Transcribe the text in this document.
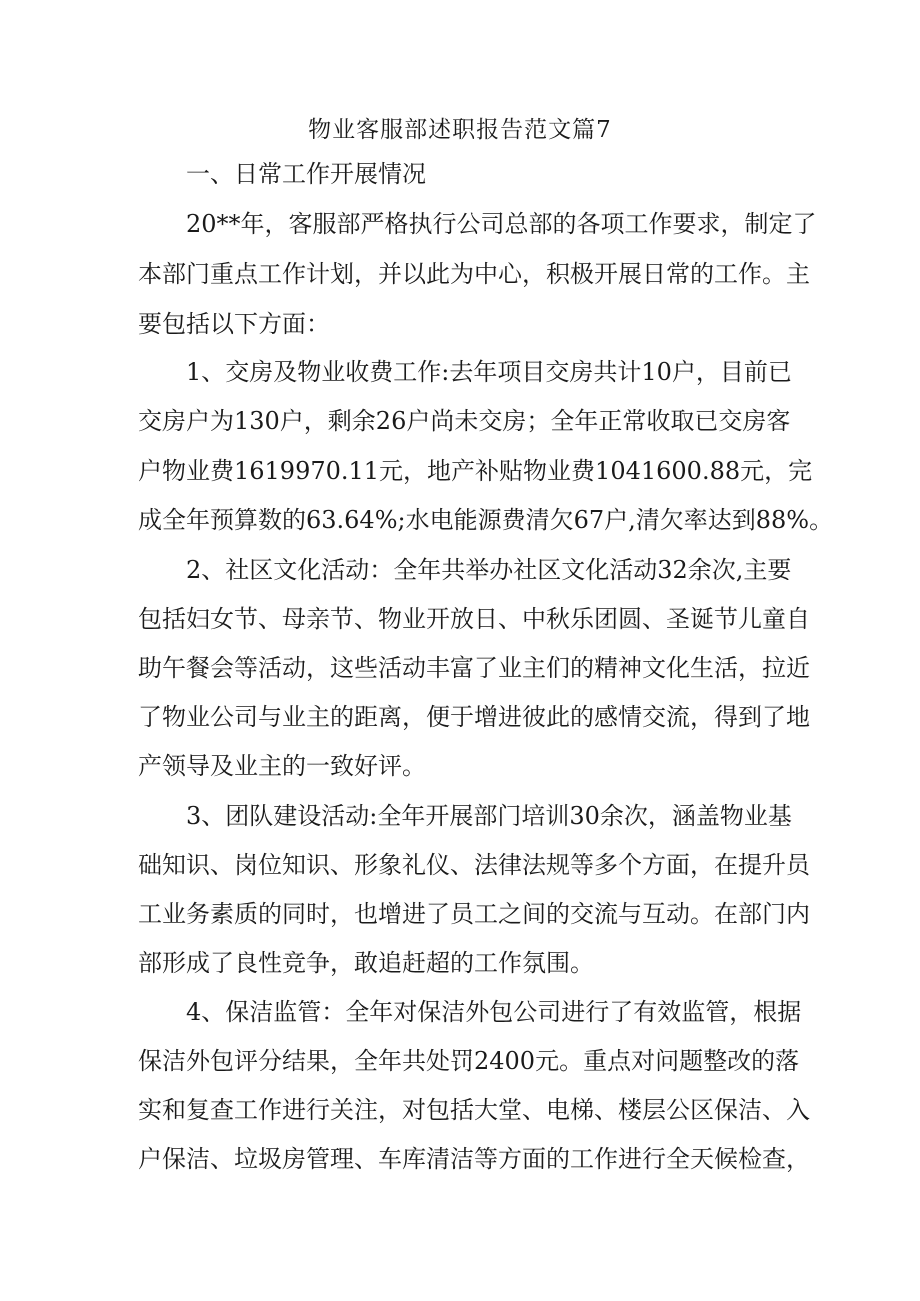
物业客服部述职报告范文篇7
一、日常工作开展情况
20**年，客服部严格执行公司总部的各项工作要求，制定了
本部门重点工作计划，并以此为中心，积极开展日常的工作。主
要包括以下方面：
1、交房及物业收费工作:去年项目交房共计10户，目前已
交房户为130户，剩余26户尚未交房；全年正常收取已交房客
户物业费1619970.11元，地产补贴物业费1041600.88元，完
成全年预算数的63.64%;水电能源费清欠67户,清欠率达到88%。
2、社区文化活动：全年共举办社区文化活动32余次,主要
包括妇女节、母亲节、物业开放日、中秋乐团圆、圣诞节儿童自
助午餐会等活动，这些活动丰富了业主们的精神文化生活，拉近
了物业公司与业主的距离，便于增进彼此的感情交流，得到了地
产领导及业主的一致好评。
3、团队建设活动:全年开展部门培训30余次，涵盖物业基
础知识、岗位知识、形象礼仪、法律法规等多个方面，在提升员
工业务素质的同时，也增进了员工之间的交流与互动。在部门内
部形成了良性竞争，敢追赶超的工作氛围。
4、保洁监管：全年对保洁外包公司进行了有效监管，根据
保洁外包评分结果，全年共处罚2400元。重点对问题整改的落
实和复查工作进行关注，对包括大堂、电梯、楼层公区保洁、入
户保洁、垃圾房管理、车库清洁等方面的工作进行全天候检查，
